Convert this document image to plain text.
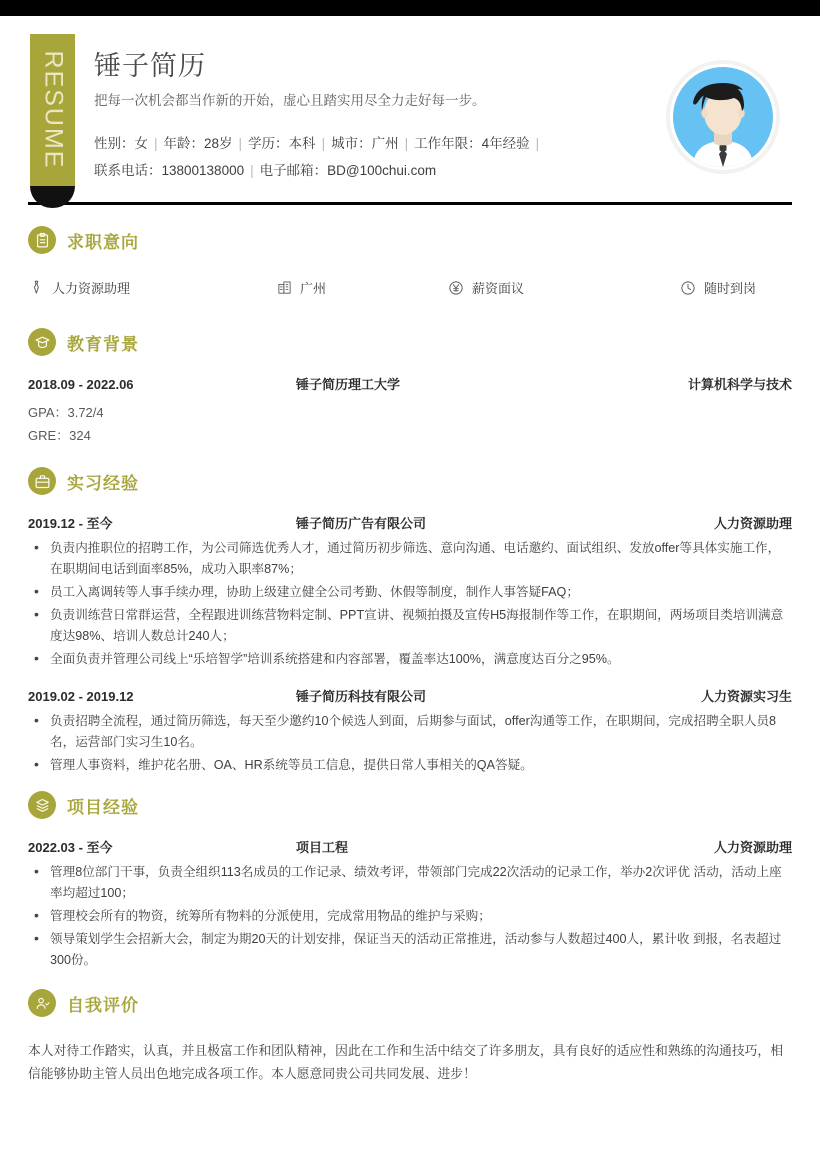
RESUME 锤子简历
把每一次机会都当作新的开始，虚心且踏实用尽全力走好每一步。
性别：女 | 年龄：28岁 | 学历：本科 | 城市：广州 | 工作年限：4年经验 |
联系电话：13800138000 | 电子邮箱：BD@100chui.com
求职意向
人力资源助理	广州	薪资面议	随时到岗
教育背景
2018.09 - 2022.06	锤子简历理工大学	计算机科学与技术
GPA：3.72/4
GRE：324
实习经验
2019.12 - 至今	锤子简历广告有限公司	人力资源助理
• 负责内推职位的招聘工作，为公司筛选优秀人才，通过简历初步筛选、意向沟通、电话邀约、面试组织、发放offer等具体实施工作，在职期间电话到面率85%，成功入职率87%；
• 员工入离调转等人事手续办理，协助上级建立健全公司考勤、休假等制度，制作人事答疑FAQ；
• 负责训练营日常群运营，全程跟进训练营物料定制、PPT宣讲、视频拍摄及宣传H5海报制作等工作，在职期间，两场项目类培训满意度达98%、培训人数总计240人；
• 全面负责并管理公司线上“乐培智学”培训系统搭建和内容部署，覆盖率达100%，满意度达百分之95%。
2019.02 - 2019.12	锤子简历科技有限公司	人力资源实习生
• 负责招聘全流程，通过简历筛选，每天至少邀约10个候选人到面，后期参与面试，offer沟通等工作，在职期间，完成招聘全职人员8名，运营部门实习生10名。
• 管理人事资料，维护花名册、OA、HR系统等员工信息，提供日常人事相关的QA答疑。
项目经验
2022.03 - 至今	项目工程	人力资源助理
• 管理8位部门干事，负责全组织113名成员的工作记录、绩效考评，带领部门完成22次活动的记录工作，举办2次评优 活动，活动上座率均超过100；
• 管理校会所有的物资，统筹所有物料的分派使用，完成常用物品的维护与采购；
• 领导策划学生会招新大会，制定为期20天的计划安排，保证当天的活动正常推进，活动参与人数超过400人，累计收 到报，名表超过300份。
自我评价
本人对待工作踏实，认真，并且极富工作和团队精神，因此在工作和生活中结交了许多朋友，具有良好的适应性和熟练的沟通技巧，相信能够协助主管人员出色地完成各项工作。本人愿意同贵公司共同发展、进步！
